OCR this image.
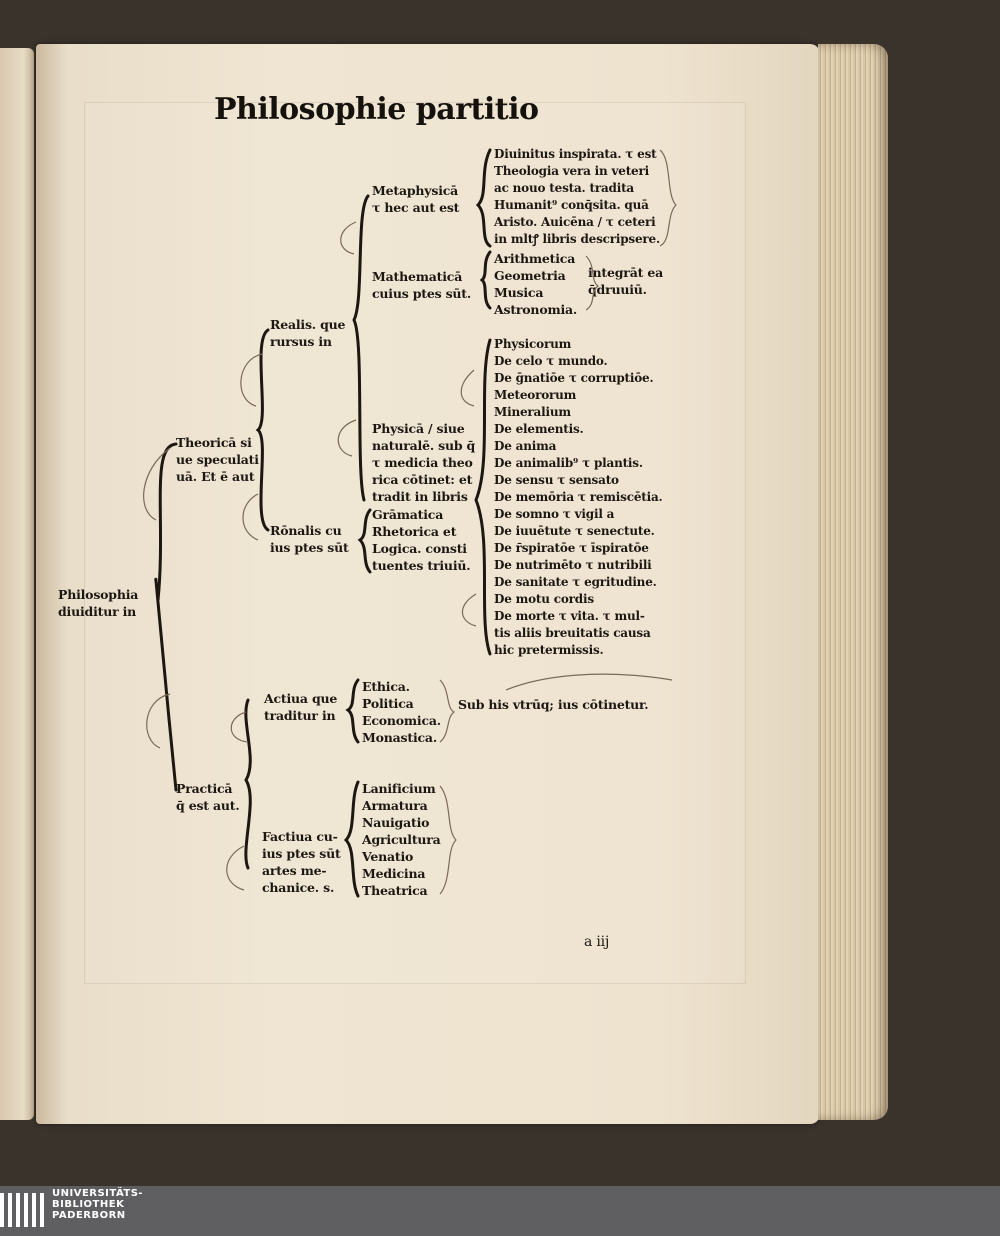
Philosophie partitio
Philosophia
diuiditur in
Theoricā si
ue speculati
uā. Et ē aut
Practicā
q̄ est aut.
Realis. que
rursus in
Rōnalis cu
ius ptes sūt
Metaphysicā
τ hec aut est
Mathematicā
cuius ptes sūt.
Physicā / siue
naturalē. sub q̄
τ medicia theo
rica cōtinet: et
tradit in libris
Diuinitus inspirata. τ est
Theologia vera in veteri
ac nouo testa. tradita
Humanit⁹ conq̄sita. quā
Aristo. Auicēna / τ ceteri
in mltꝭ libris descripsere.
Arithmetica
Geometria
Musica
Astronomia.
integrāt ea
q̄druuiū.
Grāmatica
Rhetorica et
Logica. consti
tuentes triuiū.
Physicorum
De celo τ mundo.
De ḡnatiōe τ corruptiōe.
Meteororum
Mineralium
De elementis.
De anima
De animalib⁹ τ plantis.
De sensu τ sensato
De memōria τ remiscētia.
De somno τ vigil a
De iuuētute τ senectute.
De r̄spiratōe τ īspiratōe
De nutrimēto τ nutribili
De sanitate τ egritudine.
De motu cordis
De morte τ vita. τ mul-
tis aliis breuitatis causa
hic pretermissis.
Actiua que
traditur in
Ethica.
Politica
Economica.
Monastica.
Sub his vtrūq; ius cōtinetur.
Factiua cu-
ius ptes sūt
artes me-
chanice. s.
Lanificium
Armatura
Nauigatio
Agricultura
Venatio
Medicina
Theatrica
a iij
UNIVERSITÄTS-
BIBLIOTHEK
PADERBORN
